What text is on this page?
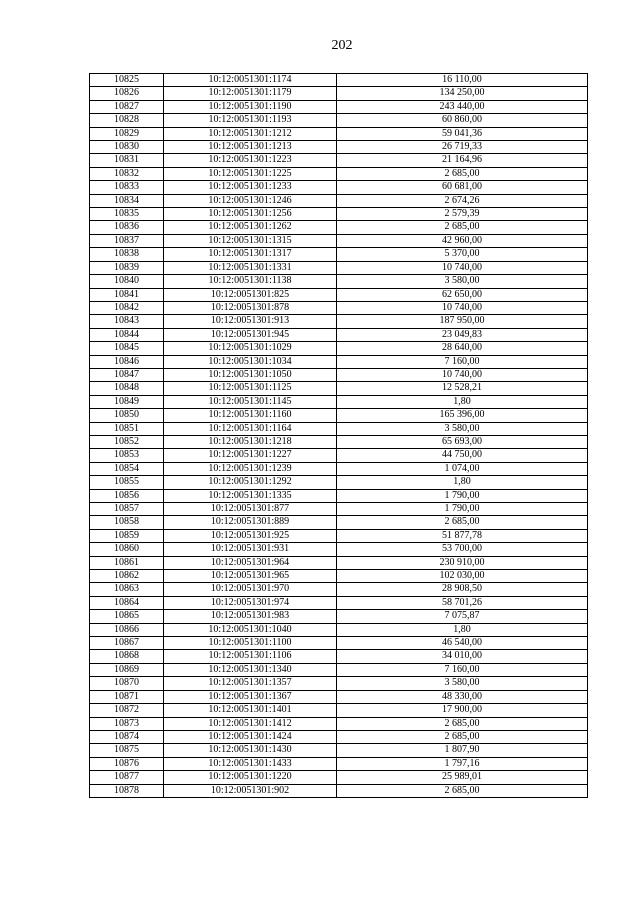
202
10825	10:12:0051301:1174	16 110,00
10826	10:12:0051301:1179	134 250,00
10827	10:12:0051301:1190	243 440,00
10828	10:12:0051301:1193	60 860,00
10829	10:12:0051301:1212	59 041,36
10830	10:12:0051301:1213	26 719,33
10831	10:12:0051301:1223	21 164,96
10832	10:12:0051301:1225	2 685,00
10833	10:12:0051301:1233	60 681,00
10834	10:12:0051301:1246	2 674,26
10835	10:12:0051301:1256	2 579,39
10836	10:12:0051301:1262	2 685,00
10837	10:12:0051301:1315	42 960,00
10838	10:12:0051301:1317	5 370,00
10839	10:12:0051301:1331	10 740,00
10840	10:12:0051301:1138	3 580,00
10841	10:12:0051301:825	62 650,00
10842	10:12:0051301:878	10 740,00
10843	10:12:0051301:913	187 950,00
10844	10:12:0051301:945	23 049,83
10845	10:12:0051301:1029	28 640,00
10846	10:12:0051301:1034	7 160,00
10847	10:12:0051301:1050	10 740,00
10848	10:12:0051301:1125	12 528,21
10849	10:12:0051301:1145	1,80
10850	10:12:0051301:1160	165 396,00
10851	10:12:0051301:1164	3 580,00
10852	10:12:0051301:1218	65 693,00
10853	10:12:0051301:1227	44 750,00
10854	10:12:0051301:1239	1 074,00
10855	10:12:0051301:1292	1,80
10856	10:12:0051301:1335	1 790,00
10857	10:12:0051301:877	1 790,00
10858	10:12:0051301:889	2 685,00
10859	10:12:0051301:925	51 877,78
10860	10:12:0051301:931	53 700,00
10861	10:12:0051301:964	230 910,00
10862	10:12:0051301:965	102 030,00
10863	10:12:0051301:970	28 908,50
10864	10:12:0051301:974	58 701,26
10865	10:12:0051301:983	7 075,87
10866	10:12:0051301:1040	1,80
10867	10:12:0051301:1100	46 540,00
10868	10:12:0051301:1106	34 010,00
10869	10:12:0051301:1340	7 160,00
10870	10:12:0051301:1357	3 580,00
10871	10:12:0051301:1367	48 330,00
10872	10:12:0051301:1401	17 900,00
10873	10:12:0051301:1412	2 685,00
10874	10:12:0051301:1424	2 685,00
10875	10:12:0051301:1430	1 807,90
10876	10:12:0051301:1433	1 797,16
10877	10:12:0051301:1220	25 989,01
10878	10:12:0051301:902	2 685,00
